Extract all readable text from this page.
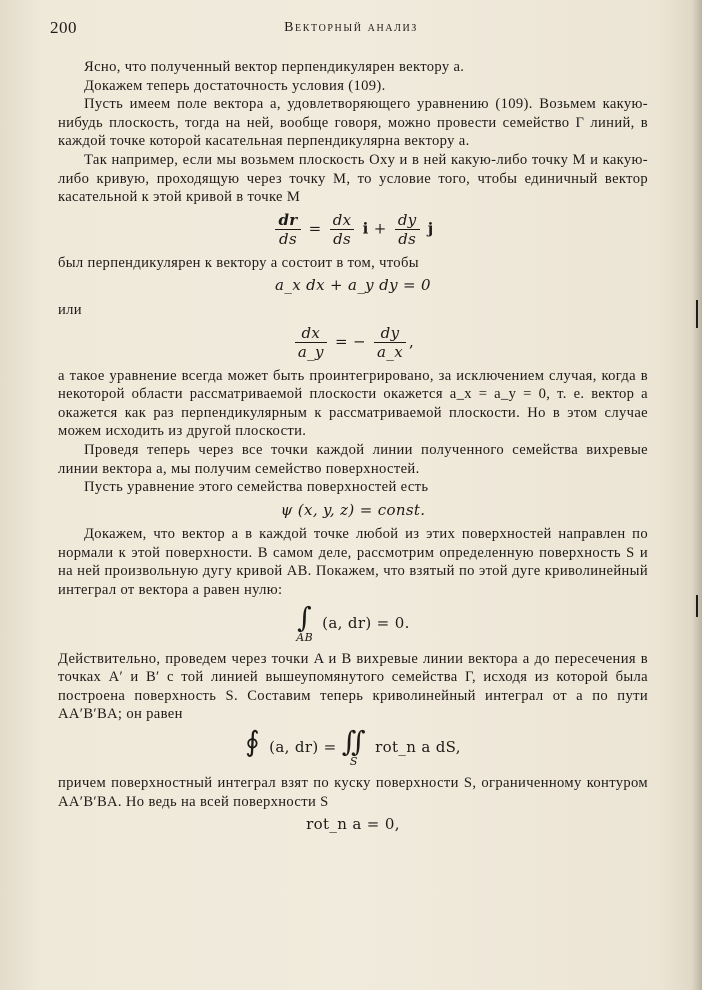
200	Векторный анализ

Ясно, что полученный вектор перпендикулярен вектору a.

Докажем теперь достаточность условия (109).

Пусть имеем поле вектора a, удовлетворяющего уравнению (109). Возьмем какую-нибудь плоскость, тогда на ней, вообще говоря, можно провести семейство Γ линий, в каждой точке которой касательная перпендикулярна вектору a.

Так например, если мы возьмем плоскость Oxy и в ней какую-либо точку M и какую-либо кривую, проходящую через точку M, то условие того, чтобы единичный вектор касательной к этой кривой в точке M

$\frac{dr}{ds} = \frac{dx}{ds}$ $i + \frac{dy}{ds}$ j

был перпендикулярен к вектору a состоит в том, чтобы

a_x dx + a_y dy = 0

или

$\frac{dx}{a\_y}$ = − $\frac{dy}{a\_x}$ ,

а такое уравнение всегда может быть проинтегрировано, за исключением случая, когда в некоторой области рассматриваемой плоскости окажется a_x = a_y = 0, т. е. вектор a окажется как раз перпендикулярным к рассматриваемой плоскости. Но в этом случае можем исходить из другой плоскости.

Проведя теперь через все точки каждой линии полученного семейства вихревые линии вектора a, мы получим семейство поверхностей.

Пусть уравнение этого семейства поверхностей есть

ψ (x, y, z) = const.

Докажем, что вектор a в каждой точке любой из этих поверхностей направлен по нормали к этой поверхности. В самом деле, рассмотрим определенную поверхность S и на ней произвольную дугу кривой AB. Покажем, что взятый по этой дуге криволинейный интеграл от вектора a равен нулю:

∫
AB
(a, dr) = 0.

Действительно, проведем через точки A и B вихревые линии вектора a до пересечения в точках A′ и B′ с той линией вышеупомянутого семейства Γ, исходя из которой была построена поверхность S. Составим теперь криволинейный интеграл от a по пути AA′B′BA; он равен

∮
(a, dr) = ∬
S
rot_n a dS,

причем поверхностный интеграл взят по куску поверхности S, ограниченному контуром AA′B′BA. Но ведь на всей поверхности S

rot_n a = 0,
